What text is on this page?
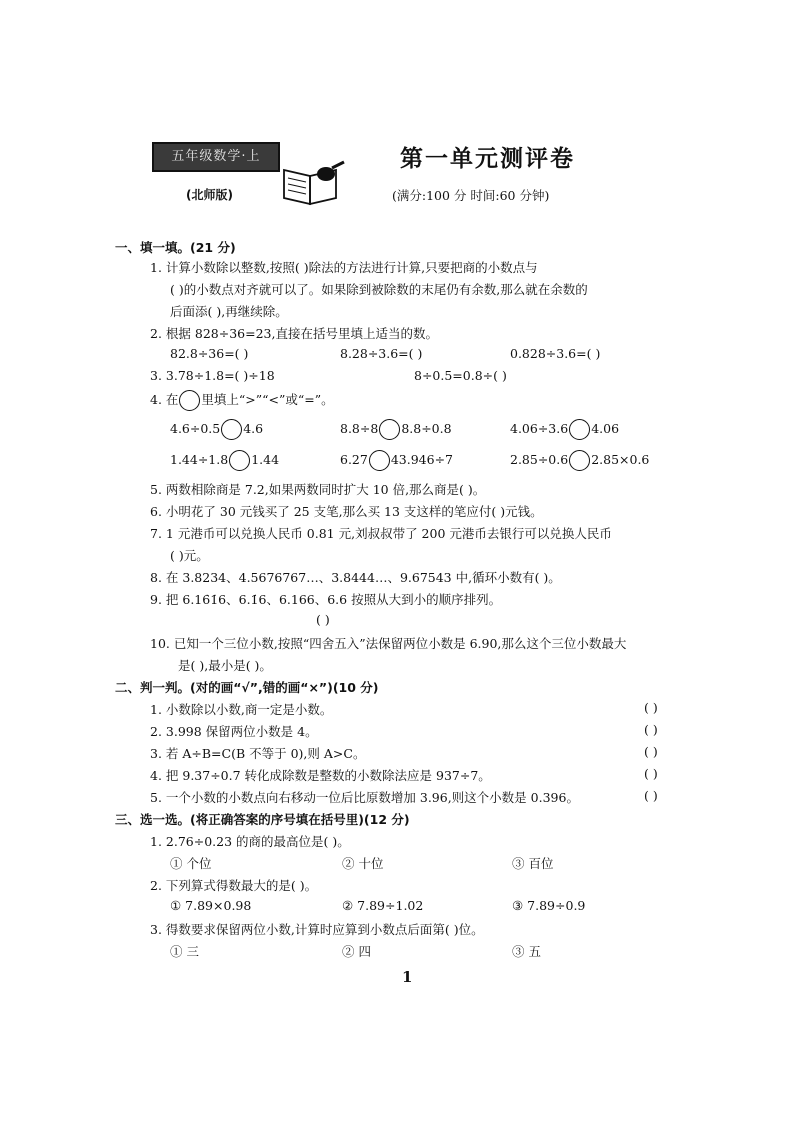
五年级数学·上	第一单元测评卷
(北师版)	(满分:100 分 时间:60 分钟)
一、填一填。(21 分)
1. 计算小数除以整数,按照( )除法的方法进行计算,只要把商的小数点与
( )的小数点对齐就可以了。如果除到被除数的末尾仍有余数,那么就在余数的
后面添( ),再继续除。
2. 根据 828÷36=23,直接在括号里填上适当的数。
82.8÷36=( )	8.28÷3.6=( )	0.828÷3.6=( )
3. 3.78÷1.8=( )÷18	8÷0.5=0.8÷( )
4. 在 里填上“>”“<”或“=”。
4.6÷0.5 4.6	8.8÷8 8.8÷0.8	4.06÷3.6 4.06
1.44÷1.8 1.44	6.27 43.946÷7	2.85÷0.6 2.85×0.6
5. 两数相除商是 7.2,如果两数同时扩大 10 倍,那么商是( )。
6. 小明花了 30 元钱买了 25 支笔,那么买 13 支这样的笔应付( )元钱。
7. 1 元港币可以兑换人民币 0.81 元,刘叔叔带了 200 元港币去银行可以兑换人民币
( )元。
8. 在 3.8234、4.5676767…、3.8444…、9.67543 中,循环小数有( )。
9. 把 6.16̇1̇6、6.1̇6、6.166、6.6 按照从大到小的顺序排列。
( )
10. 已知一个三位小数,按照“四舍五入”法保留两位小数是 6.90,那么这个三位小数最大
是( ),最小是( )。
二、判一判。(对的画“√”,错的画“×”)(10 分)
1. 小数除以小数,商一定是小数。	( )
2. 3.998 保留两位小数是 4。	( )
3. 若 A÷B=C(B 不等于 0),则 A>C。	( )
4. 把 9.37÷0.7 转化成除数是整数的小数除法应是 937÷7。	( )
5. 一个小数的小数点向右移动一位后比原数增加 3.96,则这个小数是 0.396。	( )
三、选一选。(将正确答案的序号填在括号里)(12 分)
1. 2.76÷0.23 的商的最高位是( )。
① 个位	② 十位	③ 百位
2. 下列算式得数最大的是( )。
① 7.89×0.98	② 7.89÷1.02	③ 7.89÷0.9
3. 得数要求保留两位小数,计算时应算到小数点后面第( )位。
① 三	② 四	③ 五
1
